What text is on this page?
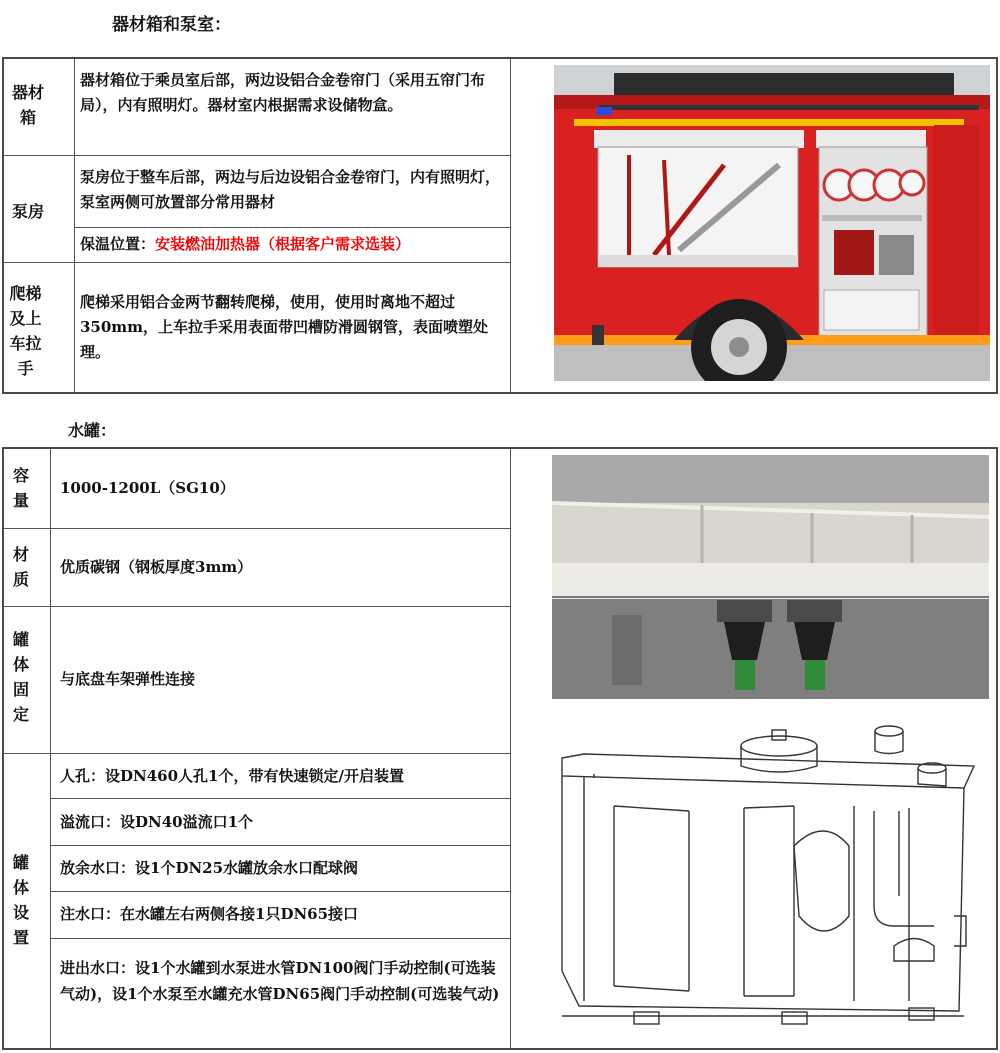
器材箱和泵室：
器材箱
器材箱位于乘员室后部，两边设铝合金卷帘门（采用五帘门布局），内有照明灯。器材室内根据需求设储物盒。
泵房
泵房位于整车后部，两边与后边设铝合金卷帘门，内有照明灯，泵室两侧可放置部分常用器材
保温位置：安装燃油加热器（根据客户需求选装）
爬梯及上车拉手
爬梯采用铝合金两节翻转爬梯，使用，使用时离地不超过350mm，上车拉手采用表面带凹槽防滑圆钢管，表面喷塑处理。
水罐：
容量
1000-1200L（SG10）
材质
优质碳钢（钢板厚度3mm）
罐体固定
与底盘车架弹性连接
罐体设置
人孔：设DN460人孔1个，带有快速锁定/开启装置
溢流口：设DN40溢流口1个
放余水口：设1个DN25水罐放余水口配球阀
注水口：在水罐左右两侧各接1只DN65接口
进出水口：设1个水罐到水泵进水管DN100阀门手动控制(可选装气动)，设1个水泵至水罐充水管DN65阀门手动控制(可选装气动)
